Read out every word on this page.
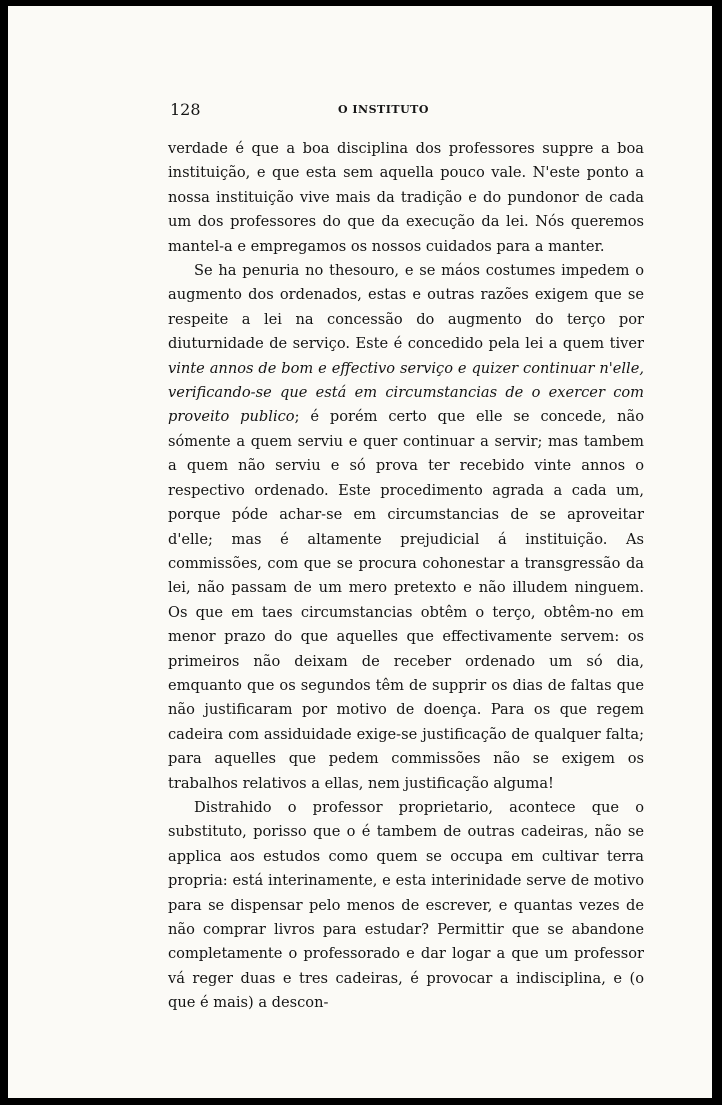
128	O INSTITUTO

verdade é que a boa disciplina dos professores suppre a boa instituição, e que esta sem aquella pouco vale. N'este ponto a nossa instituição vive mais da tradição e do pundonor de cada um dos professores do que da execução da lei. Nós queremos mantel-a e empregamos os nossos cuidados para a manter.

Se ha penuria no thesouro, e se máos costumes impedem o augmento dos ordenados, estas e outras razões exigem que se respeite a lei na concessão do augmento do terço por diuturnidade de serviço. Este é concedido pela lei a quem tiver vinte annos de bom e effectivo serviço e quizer continuar n'elle, verificando-se que está em circumstancias de o exercer com proveito publico; é porém certo que elle se concede, não sómente a quem serviu e quer continuar a servir; mas tambem a quem não serviu e só prova ter recebido vinte annos o respectivo ordenado. Este procedimento agrada a cada um, porque póde achar-se em circumstancias de se aproveitar d'elle; mas é altamente prejudicial á instituição. As commissões, com que se procura cohonestar a transgressão da lei, não passam de um mero pretexto e não illudem ninguem. Os que em taes circumstancias obtêm o terço, obtêm-no em menor prazo do que aquelles que effectivamente servem: os primeiros não deixam de receber ordenado um só dia, emquanto que os segundos têm de supprir os dias de faltas que não justificaram por motivo de doença. Para os que regem cadeira com assiduidade exige-se justificação de qualquer falta; para aquelles que pedem commissões não se exigem os trabalhos relativos a ellas, nem justificação alguma!

Distrahido o professor proprietario, acontece que o substituto, porisso que o é tambem de outras cadeiras, não se applica aos estudos como quem se occupa em cultivar terra propria: está interinamente, e esta interinidade serve de motivo para se dispensar pelo menos de escrever, e quantas vezes de não comprar livros para estudar? Permittir que se abandone completamente o professorado e dar logar a que um professor vá reger duas e tres cadeiras, é provocar a indisciplina, e (o que é mais) a descon-
